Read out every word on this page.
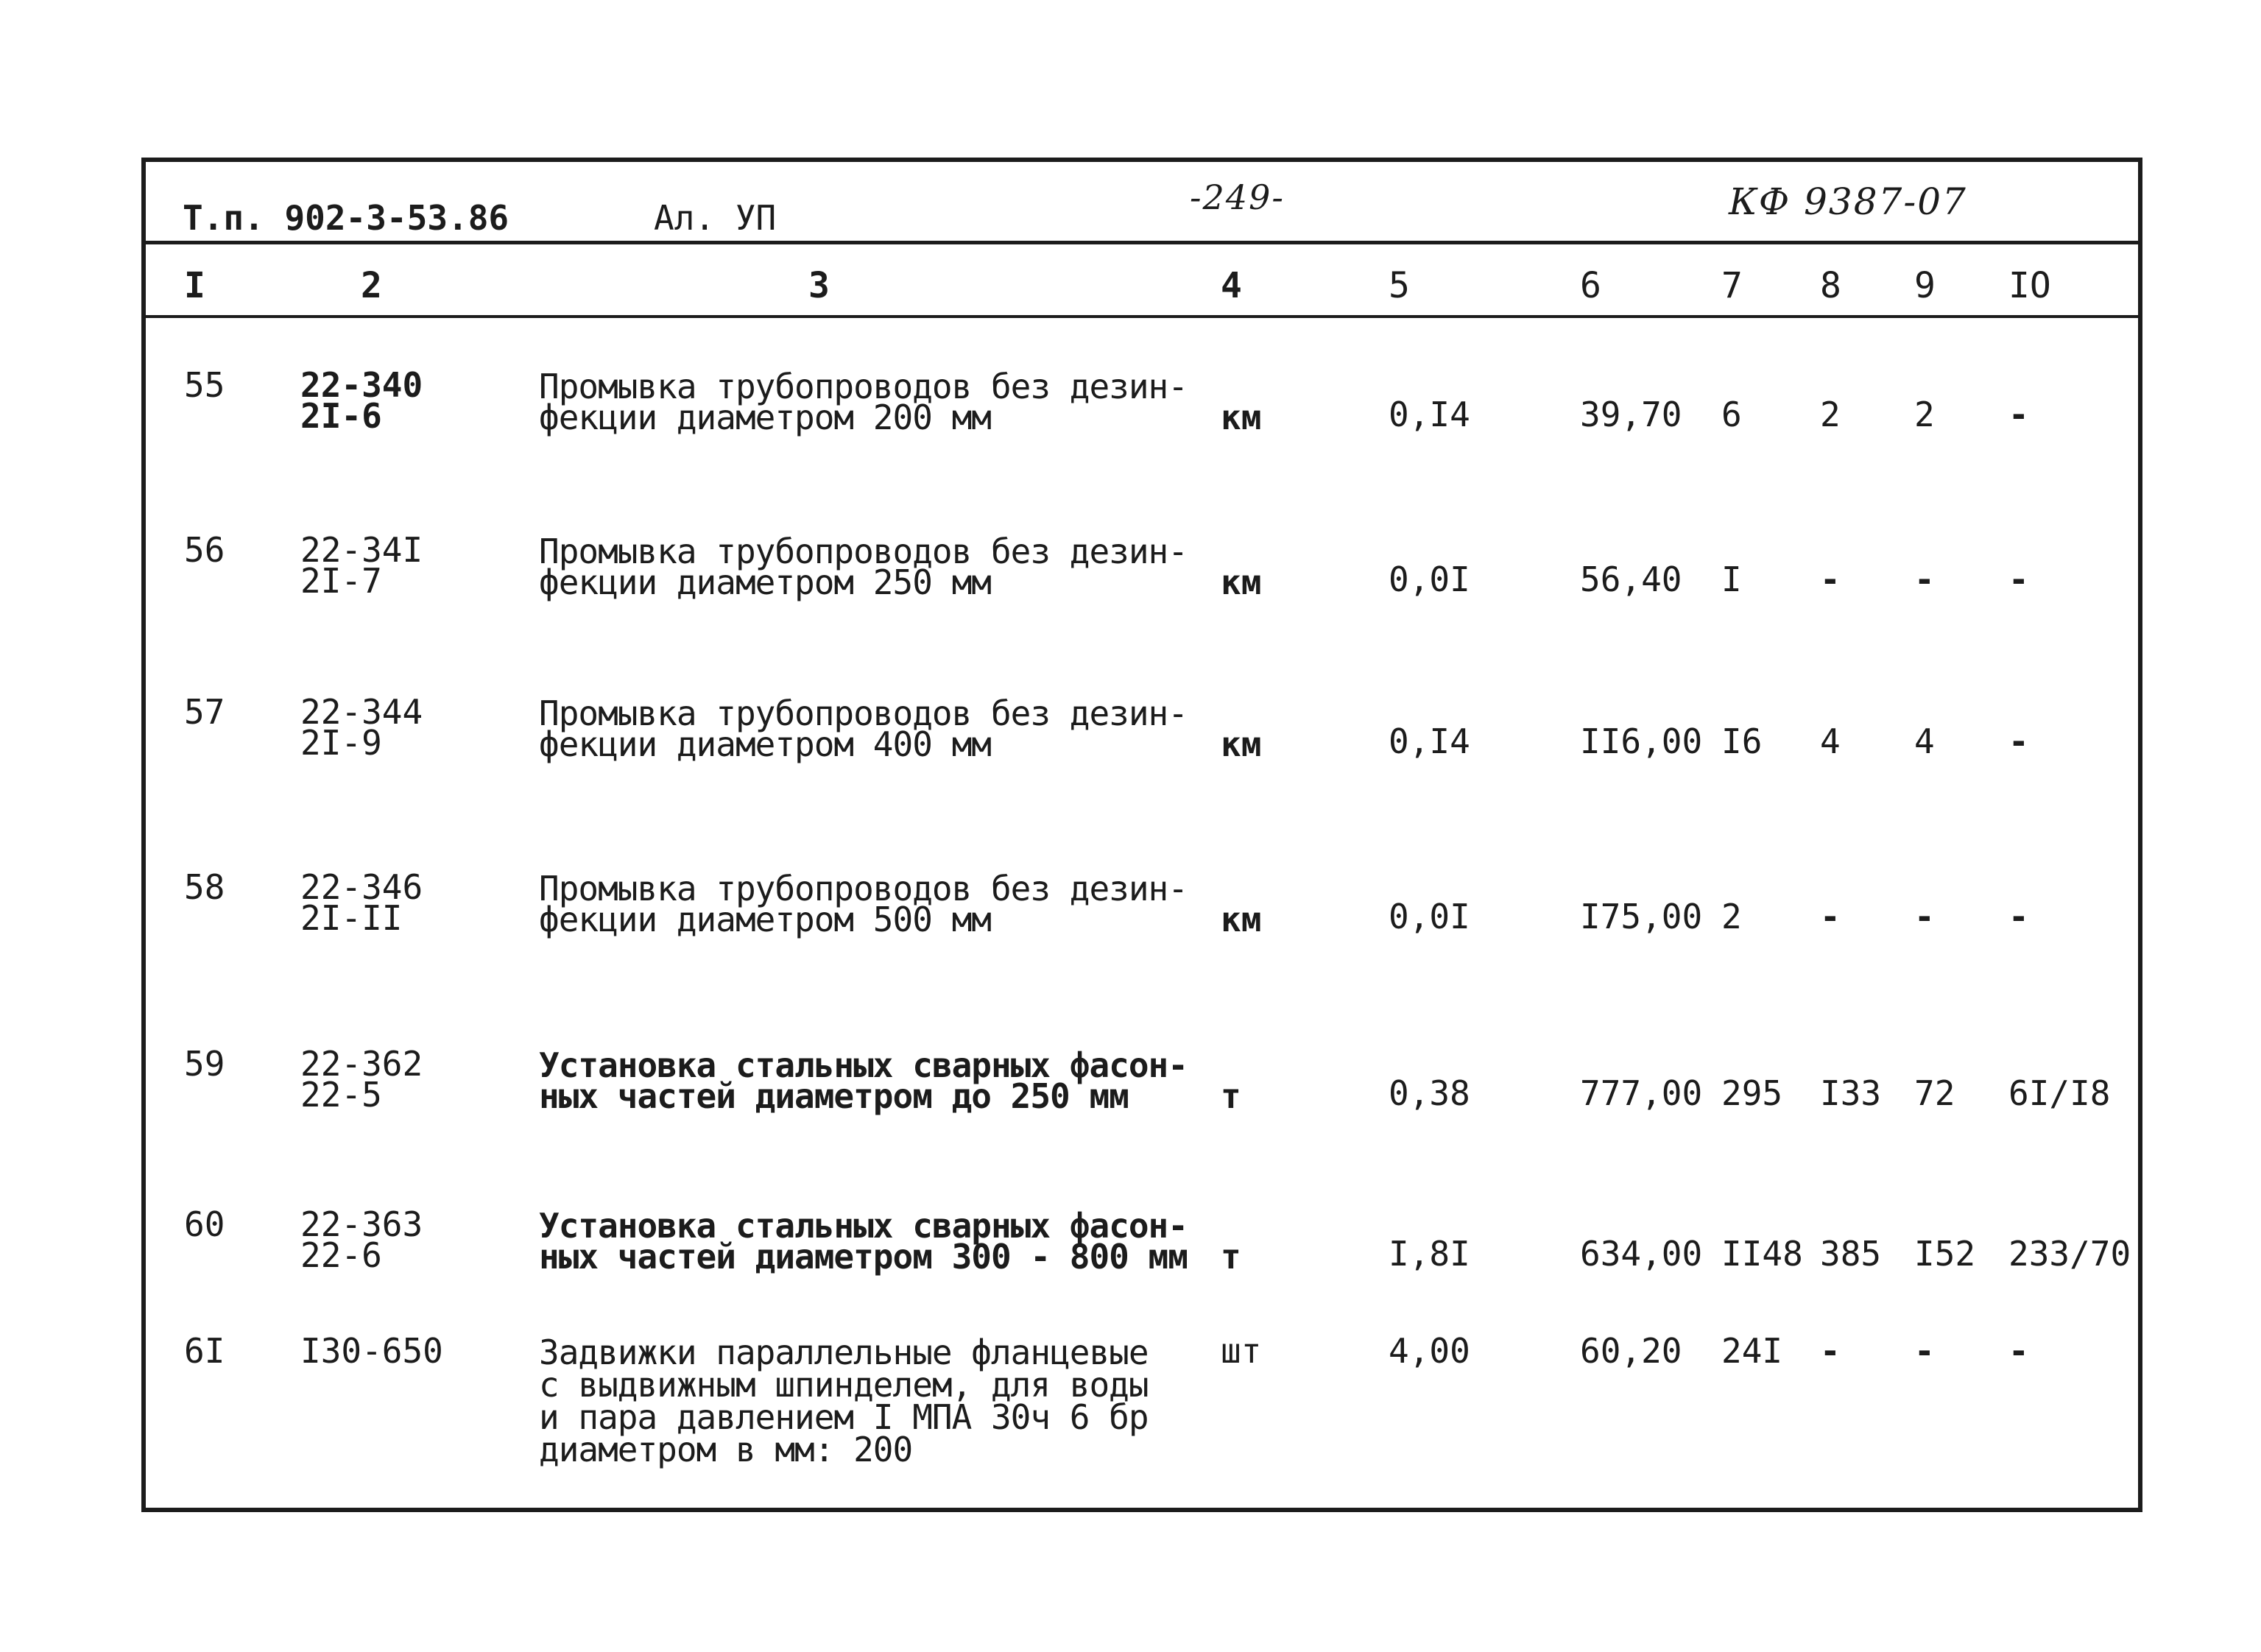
Т.п. 902-3-53.86	Ал. УП
-249-	КФ 9387-07
I	2	3	4	5	6	7 8 9 IO
55 22-340
2I-6
Промывка трубопроводов без дезин-
фекции диаметром 200 мм	км	0,I4	39,70 6 2 2 -
56 22-34I
2I-7
Промывка трубопроводов без дезин-
фекции диаметром 250 мм	км	0,0I	56,40 I - - -
57 22-344
2I-9
Промывка трубопроводов без дезин-
фекции диаметром 400 мм	км	0,I4	II6,00 I6 4 4 -
58 22-346
2I-II
Промывка трубопроводов без дезин-
фекции диаметром 500 мм	км	0,0I	I75,00 2 - - -
59 22-362
22-5
Установка стальных сварных фасон-
ных частей диаметром до 250 мм	т	0,38	777,00 295 I33 72 6I/I8
60 22-363
22-6
Установка стальных сварных фасон-
ных частей диаметром 300 - 800 мм т	I,8I	634,00 II48 385 I52 233/70
6I I30-650	Задвижки параллельные фланцевые
с выдвижным шпинделем, для воды
и пара давлением I МПА 30ч 6 бр
диаметром в мм: 200
шт	4,00	60,20 24I - - -
